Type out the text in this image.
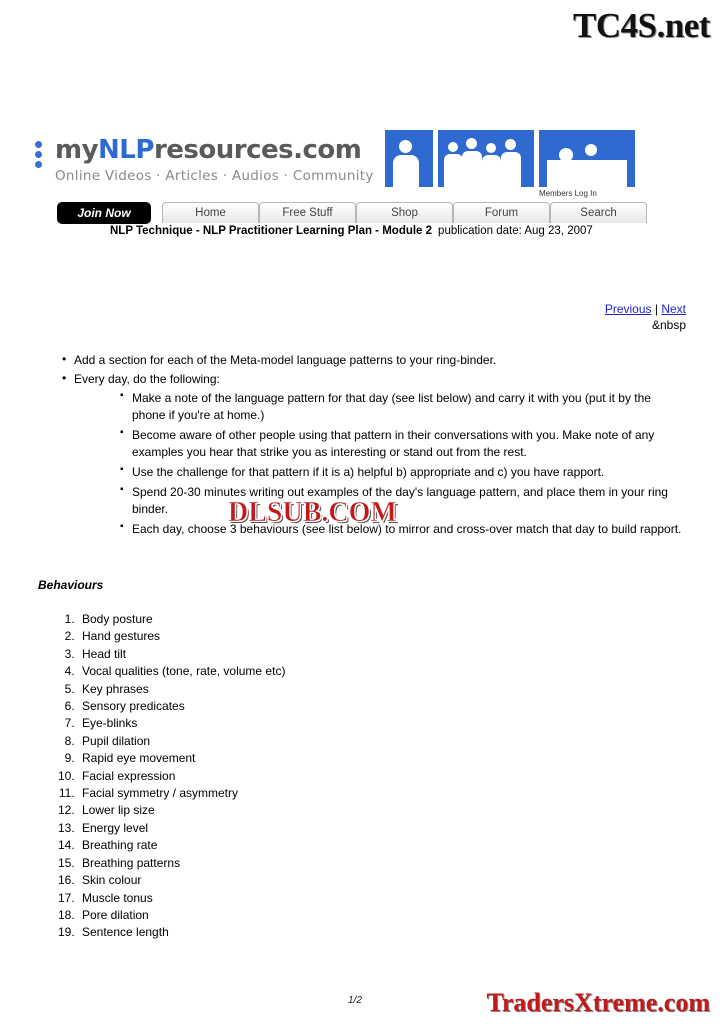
TC4S.net
myNLPresources.com
Online Videos · Articles · Audios · Community
Members Log In
Join Now	Home	Free Stuff	Shop	Forum	Search
NLP Technique - NLP Practitioner Learning Plan - Module 2 publication date: Aug 23, 2007
Previous | Next
&nbsp
• Add a section for each of the Meta-model language patterns to your ring-binder.
• Every day, do the following:
▪ Make a note of the language pattern for that day (see list below) and carry it with you (put it by the phone if you're at home.)
▪ Become aware of other people using that pattern in their conversations with you. Make note of any examples you hear that strike you as interesting or stand out from the rest.
▪ Use the challenge for that pattern if it is a) helpful b) appropriate and c) you have rapport.
▪ Spend 20-30 minutes writing out examples of the day's language pattern, and place them in your ring binder.
▪ Each day, choose 3 behaviours (see list below) to mirror and cross-over match that day to build rapport.
DLSUB.COM
Behaviours
1. Body posture
2. Hand gestures
3. Head tilt
4. Vocal qualities (tone, rate, volume etc)
5. Key phrases
6. Sensory predicates
7. Eye-blinks
8. Pupil dilation
9. Rapid eye movement
10. Facial expression
11. Facial symmetry / asymmetry
12. Lower lip size
13. Energy level
14. Breathing rate
15. Breathing patterns
16. Skin colour
17. Muscle tonus
18. Pore dilation
19. Sentence length
1/2	TradersXtreme.com
